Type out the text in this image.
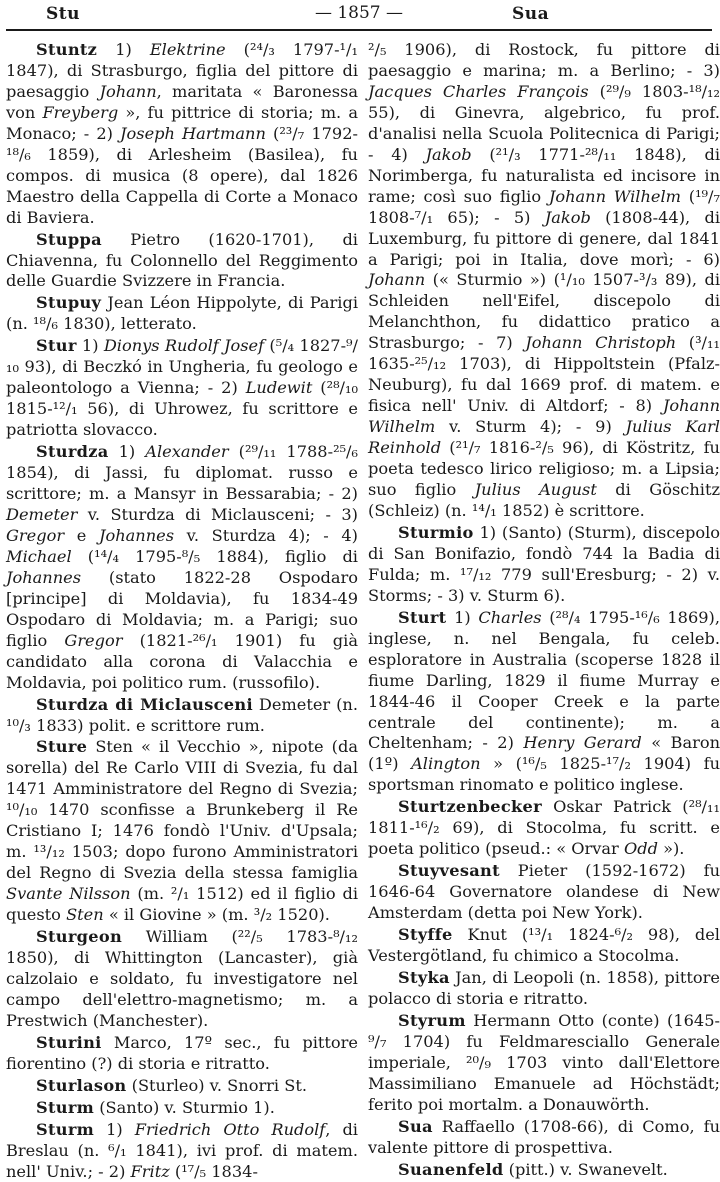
Stu	— 1857 —	Sua

Stuntz 1) Elektrine (²⁴/₃ 1797-¹/₁ 1847), di Strasburgo, figlia del pittore di paesaggio Johann, maritata « Baronessa von Freyberg », fu pittrice di storia; m. a Monaco; - 2) Joseph Hartmann (²³/₇ 1792-¹⁸/₆ 1859), di Arlesheim (Basilea), fu compos. di musica (8 opere), dal 1826 Maestro della Cappella di Corte a Monaco di Baviera.

Stuppa Pietro (1620-1701), di Chiavenna, fu Colonnello del Reggimento delle Guardie Svizzere in Francia.

Stupuy Jean Léon Hippolyte, di Parigi (n. ¹⁸/₆ 1830), letterato.

Stur 1) Dionys Rudolf Josef (⁵/₄ 1827-⁹/₁₀ 93), di Beczkó in Ungheria, fu geologo e paleontologo a Vienna; - 2) Ludewit (²⁸/₁₀ 1815-¹²/₁ 56), di Uhrowez, fu scrittore e patriotta slovacco.

Sturdza 1) Alexander (²⁹/₁₁ 1788-²⁵/₆ 1854), di Jassi, fu diplomat. russo e scrittore; m. a Mansyr in Bessarabia; - 2) Demeter v. Sturdza di Miclausceni; - 3) Gregor e Johannes v. Sturdza 4); - 4) Michael (¹⁴/₄ 1795-⁸/₅ 1884), figlio di Johannes (stato 1822-28 Ospodaro [principe] di Moldavia), fu 1834-49 Ospodaro di Moldavia; m. a Parigi; suo figlio Gregor (1821-²⁶/₁ 1901) fu già candidato alla corona di Valacchia e Moldavia, poi politico rum. (russofilo).

Sturdza di Miclausceni Demeter (n. ¹⁰/₃ 1833) polit. e scrittore rum.

Sture Sten « il Vecchio », nipote (da sorella) del Re Carlo VIII di Svezia, fu dal 1471 Amministratore del Regno di Svezia; ¹⁰/₁₀ 1470 sconfisse a Brunkeberg il Re Cristiano I; 1476 fondò l'Univ. d'Upsala; m. ¹³/₁₂ 1503; dopo furono Amministratori del Regno di Svezia della stessa famiglia Svante Nilsson (m. ²/₁ 1512) ed il figlio di questo Sten « il Giovine » (m. ³/₂ 1520).

Sturgeon William (²²/₅ 1783-⁸/₁₂ 1850), di Whittington (Lancaster), già calzolaio e soldato, fu investigatore nel campo dell'elettro-magnetismo; m. a Prestwich (Manchester).

Sturini Marco, 17º sec., fu pittore fiorentino (?) di storia e ritratto.

Sturlason (Sturleo) v. Snorri St.

Sturm (Santo) v. Sturmio 1).

Sturm 1) Friedrich Otto Rudolf, di Breslau (n. ⁶/₁ 1841), ivi prof. di matem. nell' Univ.; - 2) Fritz (¹⁷/₅ 1834-

²/₅ 1906), di Rostock, fu pittore di paesaggio e marina; m. a Berlino; - 3) Jacques Charles François (²⁹/₉ 1803-¹⁸/₁₂ 55), di Ginevra, algebrico, fu prof. d'analisi nella Scuola Politecnica di Parigi; - 4) Jakob (²¹/₃ 1771-²⁸/₁₁ 1848), di Norimberga, fu naturalista ed incisore in rame; così suo figlio Johann Wilhelm (¹⁹/₇ 1808-⁷/₁ 65); - 5) Jakob (1808-44), di Luxemburg, fu pittore di genere, dal 1841 a Parigi; poi in Italia, dove morì; - 6) Johann (« Sturmio ») (¹/₁₀ 1507-³/₃ 89), di Schleiden nell'Eifel, discepolo di Melanchthon, fu didattico pratico a Strasburgo; - 7) Johann Christoph (³/₁₁ 1635-²⁵/₁₂ 1703), di Hippoltstein (Pfalz-Neuburg), fu dal 1669 prof. di matem. e fisica nell' Univ. di Altdorf; - 8) Johann Wilhelm v. Sturm 4); - 9) Julius Karl Reinhold (²¹/₇ 1816-²/₅ 96), di Köstritz, fu poeta tedesco lirico religioso; m. a Lipsia; suo figlio Julius August di Göschitz (Schleiz) (n. ¹⁴/₁ 1852) è scrittore.

Sturmio 1) (Santo) (Sturm), discepolo di San Bonifazio, fondò 744 la Badia di Fulda; m. ¹⁷/₁₂ 779 sull'Eresburg; - 2) v. Storms; - 3) v. Sturm 6).

Sturt 1) Charles (²⁸/₄ 1795-¹⁶/₆ 1869), inglese, n. nel Bengala, fu celeb. esploratore in Australia (scoperse 1828 il fiume Darling, 1829 il fiume Murray e 1844-46 il Cooper Creek e la parte centrale del continente); m. a Cheltenham; - 2) Henry Gerard « Baron (1º) Alington » (¹⁶/₅ 1825-¹⁷/₂ 1904) fu sportsman rinomato e politico inglese.

Sturtzenbecker Oskar Patrick (²⁸/₁₁ 1811-¹⁶/₂ 69), di Stocolma, fu scritt. e poeta politico (pseud.: « Orvar Odd »).

Stuyvesant Pieter (1592-1672) fu 1646-64 Governatore olandese di New Amsterdam (detta poi New York).

Styffe Knut (¹³/₁ 1824-⁶/₂ 98), del Vestergötland, fu chimico a Stocolma.

Styka Jan, di Leopoli (n. 1858), pittore polacco di storia e ritratto.

Styrum Hermann Otto (conte) (1645-⁹/₇ 1704) fu Feldmaresciallo Generale imperiale, ²⁰/₉ 1703 vinto dall'Elettore Massimiliano Emanuele ad Höchstädt; ferito poi mortalm. a Donauwörth.

Sua Raffaello (1708-66), di Como, fu valente pittore di prospettiva.

Suanenfeld (pitt.) v. Swanevelt.
